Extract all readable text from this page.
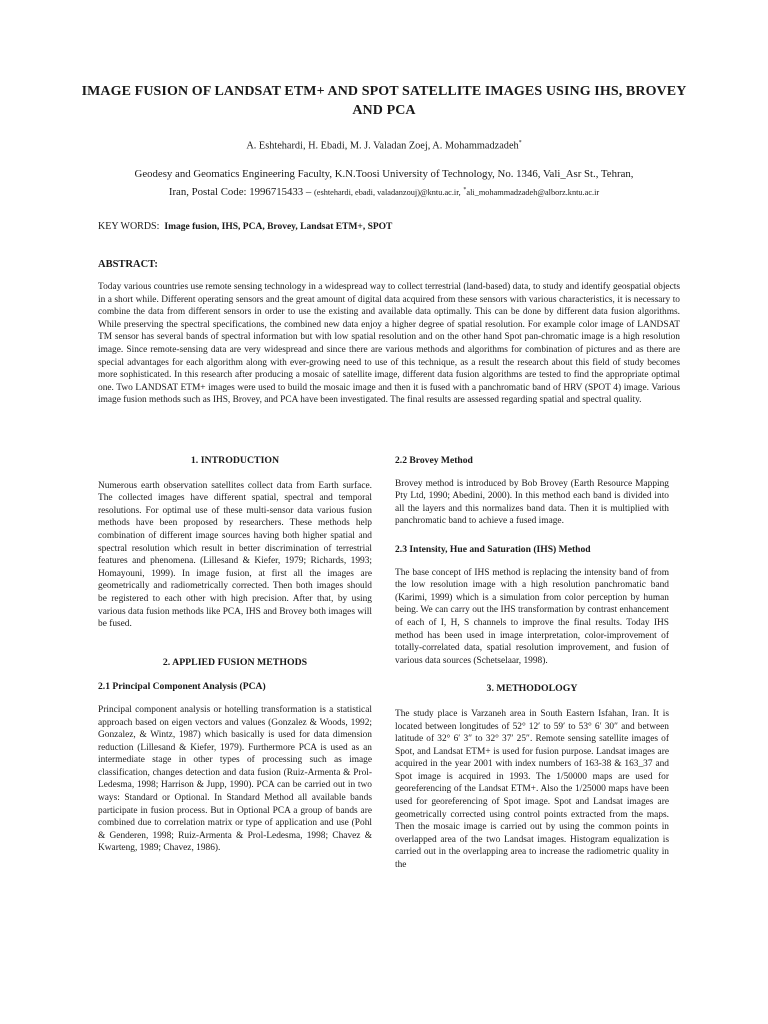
IMAGE FUSION OF LANDSAT ETM+ AND SPOT SATELLITE IMAGES USING IHS, BROVEY AND PCA
A. Eshtehardi, H. Ebadi, M. J. Valadan Zoej, A. Mohammadzadeh*
Geodesy and Geomatics Engineering Faculty, K.N.Toosi University of Technology, No. 1346, Vali_Asr St., Tehran,
Iran, Postal Code: 1996715433 – (eshtehardi, ebadi, valadanzouj)@kntu.ac.ir, *ali_mohammadzadeh@alborz.kntu.ac.ir
KEY WORDS: Image fusion, IHS, PCA, Brovey, Landsat ETM+, SPOT
ABSTRACT:
Today various countries use remote sensing technology in a widespread way to collect terrestrial (land-based) data, to study and identify geospatial objects in a short while. Different operating sensors and the great amount of digital data acquired from these sensors with various characteristics, it is necessary to combine the data from different sensors in order to use the existing and available data optimally. This can be done by different data fusion algorithms. While preserving the spectral specifications, the combined new data enjoy a higher degree of spatial resolution. For example color image of LANDSAT TM sensor has several bands of spectral information but with low spatial resolution and on the other hand Spot pan-chromatic image is a high resolution image. Since remote-sensing data are very widespread and since there are various methods and algorithms for combination of pictures and as there are special advantages for each algorithm along with ever-growing need to use of this technique, as a result the research about this field of study becomes more sophisticated. In this research after producing a mosaic of satellite image, different data fusion algorithms are tested to find the appropriate optimal one. Two LANDSAT ETM+ images were used to build the mosaic image and then it is fused with a panchromatic band of HRV (SPOT 4) image. Various image fusion methods such as IHS, Brovey, and PCA have been investigated. The final results are assessed regarding spatial and spectral quality.
1. INTRODUCTION
Numerous earth observation satellites collect data from Earth surface. The collected images have different spatial, spectral and temporal resolutions. For optimal use of these multi-sensor data various fusion methods have been proposed by researchers. These methods help combination of different image sources having both higher spatial and spectral resolution which result in better discrimination of terrestrial features and phenomena. (Lillesand & Kiefer, 1979; Richards, 1993; Homayouni, 1999). In image fusion, at first all the images are geometrically and radiometrically corrected. Then both images should be registered to each other with high precision. After that, by using various data fusion methods like PCA, IHS and Brovey both images will be fused.
2. APPLIED FUSION METHODS
2.1 Principal Component Analysis (PCA)
Principal component analysis or hotelling transformation is a statistical approach based on eigen vectors and values (Gonzalez & Woods, 1992; Gonzalez, & Wintz, 1987) which basically is used for data dimension reduction (Lillesand & Kiefer, 1979). Furthermore PCA is used as an intermediate stage in other types of processing such as image classification, changes detection and data fusion (Ruiz-Armenta & Prol-Ledesma, 1998; Harrison & Jupp, 1990). PCA can be carried out in two ways: Standard or Optional. In Standard Method all available bands participate in fusion process. But in Optional PCA a group of bands are combined due to correlation matrix or type of application and use (Pohl & Genderen, 1998; Ruiz-Armenta & Prol-Ledesma, 1998; Chavez & Kwarteng, 1989; Chavez, 1986).
2.2 Brovey Method
Brovey method is introduced by Bob Brovey (Earth Resource Mapping Pty Ltd, 1990; Abedini, 2000). In this method each band is divided into all the layers and this normalizes band data. Then it is multiplied with panchromatic band to achieve a fused image.
2.3 Intensity, Hue and Saturation (IHS) Method
The base concept of IHS method is replacing the intensity band of from the low resolution image with a high resolution panchromatic band (Karimi, 1999) which is a simulation from color perception by human being. We can carry out the IHS transformation by contrast enhancement of each of I, H, S channels to improve the final results. Today IHS method has been used in image interpretation, color-improvement of totally-correlated data, spatial resolution improvement, and fusion of various data sources (Schetselaar, 1998).
3. METHODOLOGY
The study place is Varzaneh area in South Eastern Isfahan, Iran. It is located between longitudes of 52° 12′ to 59′ to 53° 6′ 30″ and between latitude of 32° 6′ 3″ to 32° 37′ 25″. Remote sensing satellite images of Spot, and Landsat ETM+ is used for fusion purpose. Landsat images are acquired in the year 2001 with index numbers of 163-38 & 163_37 and Spot image is acquired in 1993. The 1/50000 maps are used for georeferencing of the Landsat ETM+. Also the 1/25000 maps have been used for georeferencing of Spot image. Spot and Landsat images are geometrically corrected using control points extracted from the maps. Then the mosaic image is carried out by using the common points in overlapped area of the two Landsat images. Histogram equalization is carried out in the overlapping area to increase the radiometric quality in the
